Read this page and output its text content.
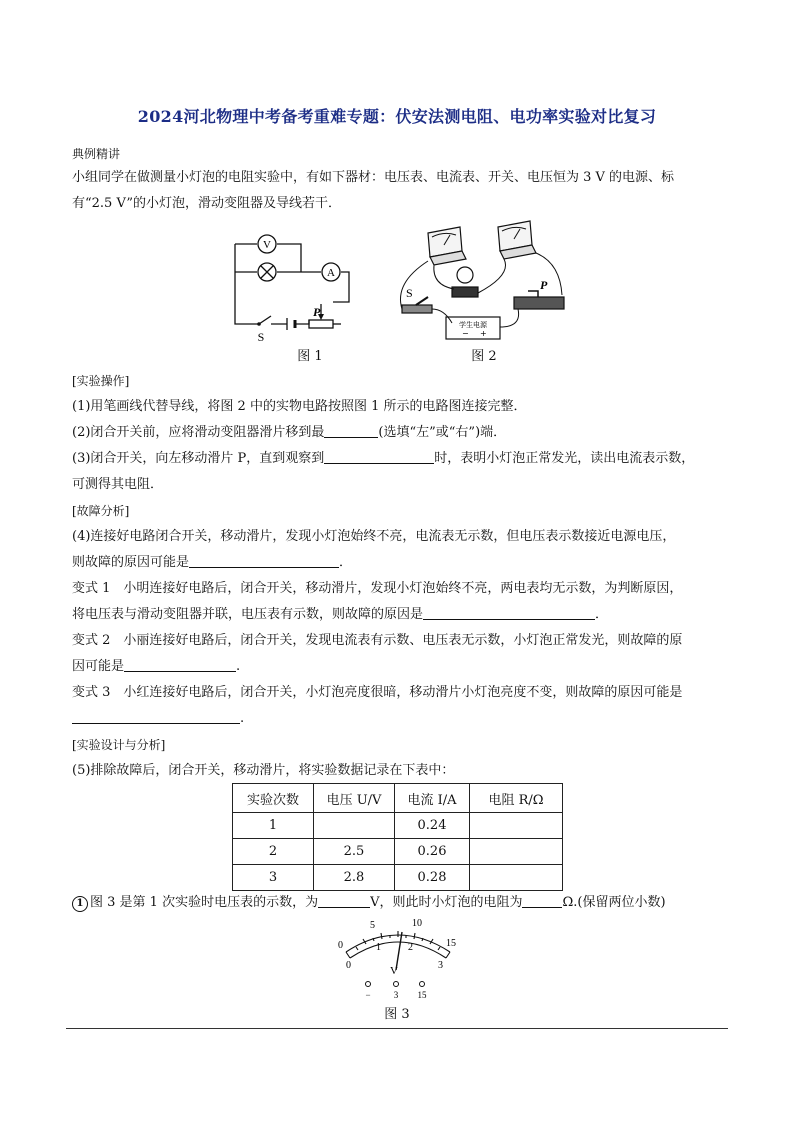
2024河北物理中考备考重难专题：伏安法测电阻、电功率实验对比复习
典例精讲
小组同学在做测量小灯泡的电阻实验中，有如下器材：电压表、电流表、开关、电压恒为 3 V 的电源、标
有“2.5 V”的小灯泡，滑动变阻器及导线若干．
V
A
S
P
图 1
S
P
学生电源
− +
图 2
[实验操作]
(1)用笔画线代替导线，将图 2 中的实物电路按照图 1 所示的电路图连接完整．
(2)闭合开关前，应将滑动变阻器滑片移到最	(选填“左”或“右”)端．
(3)闭合开关，向左移动滑片 P，直到观察到	时，表明小灯泡正常发光，读出电流表示数，
可测得其电阻．
[故障分析]
(4)连接好电路闭合开关，移动滑片，发现小灯泡始终不亮，电流表无示数，但电压表示数接近电源电压，
则故障的原因可能是	．
变式 1　小明连接好电路后，闭合开关，移动滑片，发现小灯泡始终不亮，两电表均无示数，为判断原因，
将电压表与滑动变阻器并联，电压表有示数，则故障的原因是	．
变式 2　小丽连接好电路后，闭合开关，发现电流表有示数、电压表无示数，小灯泡正常发光，则故障的原
因可能是	.
变式 3　小红连接好电路后，闭合开关，小灯泡亮度很暗，移动滑片小灯泡亮度不变，则故障的原因可能是
.
[实验设计与分析]
(5)排除故障后，闭合开关，移动滑片，将实验数据记录在下表中：
实验次数	电压 U/V	电流 I/A	电阻 R/Ω
1		0.24	
2	2.5	0.26	
3	2.8	0.28	
1 图 3 是第 1 次实验时电压表的示数，为	V，则此时小灯泡的电阻为	Ω.(保留两位小数)
0
5	10
15
0
1	2
3
V
−	3 15
图 3
